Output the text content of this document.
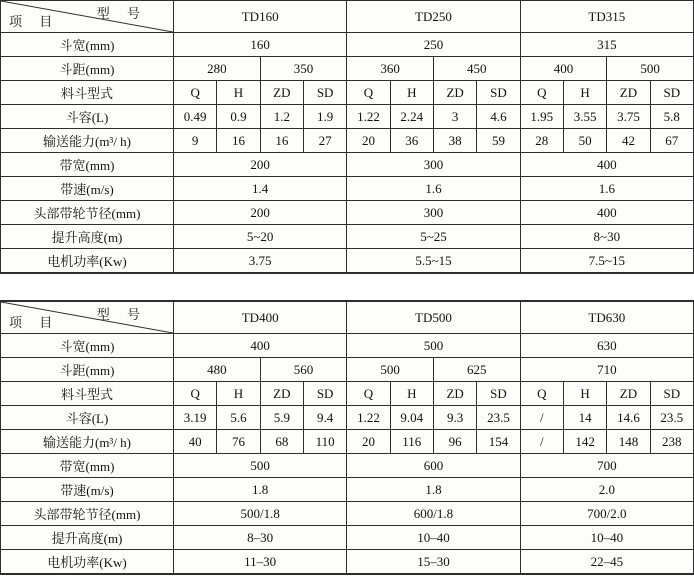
型 号
项 目	TD160				TD250				TD315			
斗宽(mm)	160				250				315			
斗距(mm)	280		350		360		450		400		500	
料斗型式	Q	H	ZD	SD	Q	H	ZD	SD	Q	H	ZD	SD
斗容(L)	0.49	0.9	1.2	1.9	1.22	2.24	3	4.6	1.95	3.55	3.75	5.8
输送能力(m³/ h)	9	16	16	27	20	36	38	59	28	50	42	67
带宽(mm)	200				300				400			
带速(m/s)	1.4				1.6				1.6			
头部带轮节径(mm)	200				300				400			
提升高度(m)	5~20				5~25				8~30			
电机功率(Kw)	3.75				5.5~15				7.5~15			
型 号
项 目	TD400				TD500				TD630			
斗宽(mm)	400				500				630			
斗距(mm)	480		560		500		625		710			
料斗型式	Q	H	ZD	SD	Q	H	ZD	SD	Q	H	ZD	SD
斗容(L)	3.19	5.6	5.9	9.4	1.22	9.04	9.3	23.5	/	14	14.6	23.5
输送能力(m³/ h)	40	76	68	110	20	116	96	154	/	142	148	238
带宽(mm)	500				600				700			
带速(m/s)	1.8				1.8				2.0			
头部带轮节径(mm)	500/1.8				600/1.8				700/2.0			
提升高度(m)	8–30				10–40				10–40			
电机功率(Kw)	11–30				15–30				22–45			
